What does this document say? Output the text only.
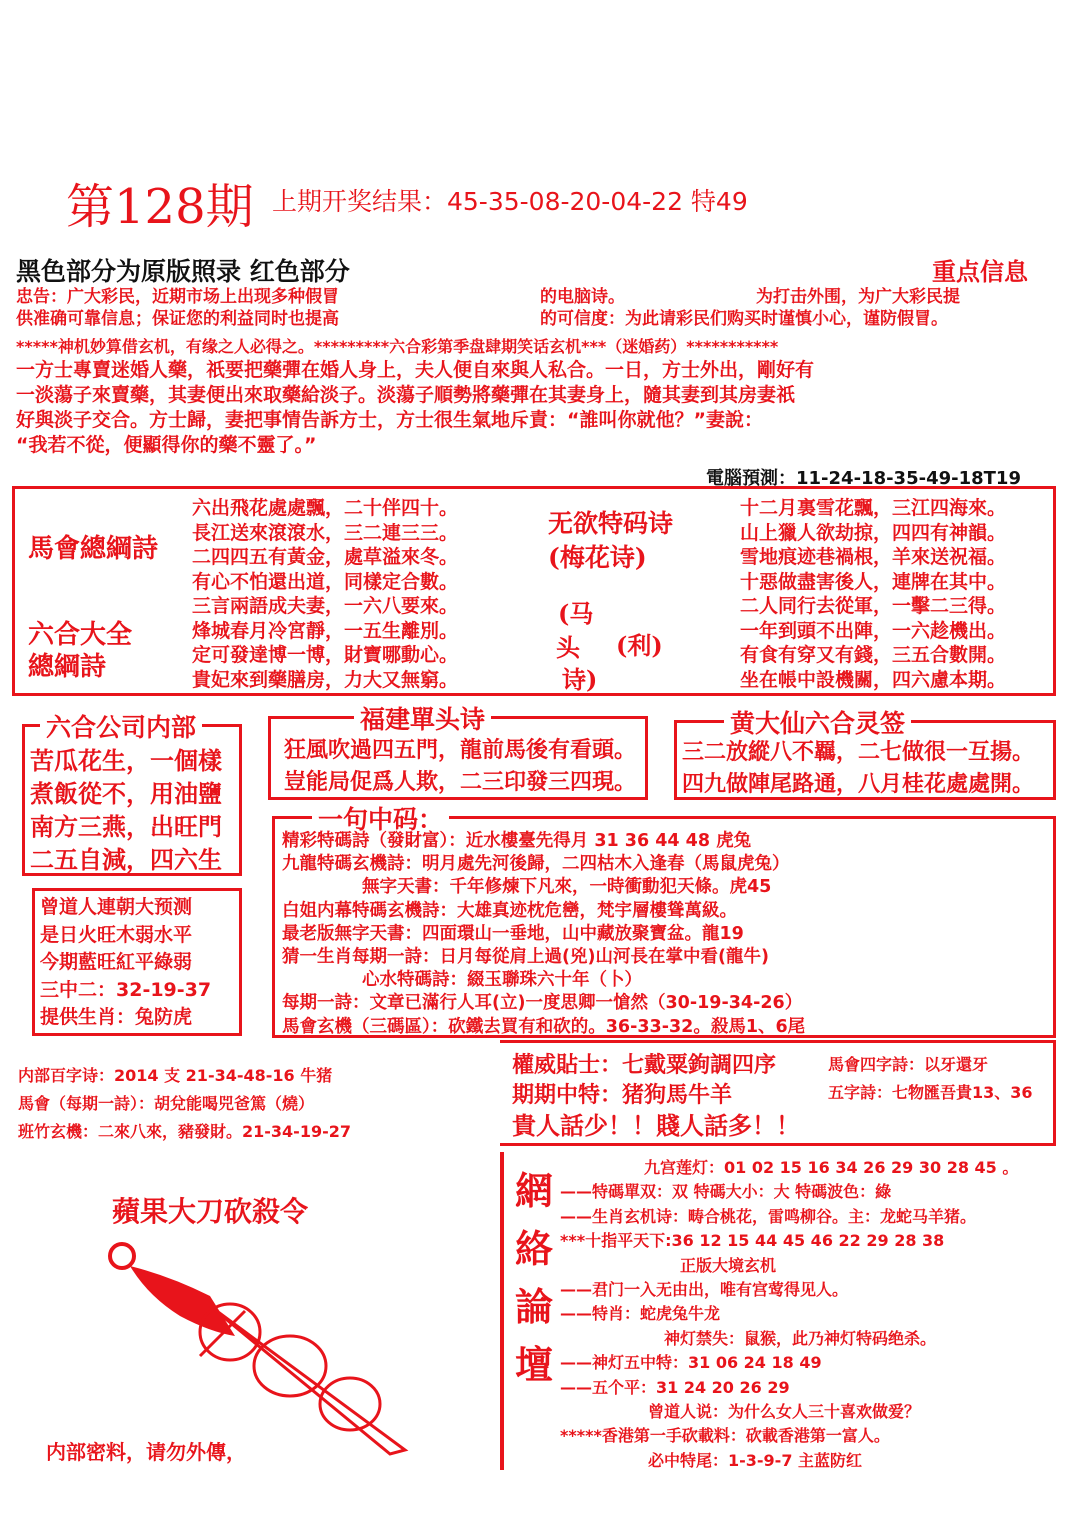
第128期 上期开奖结果：45-35-08-20-04-22 特49
黑色部分为原版照录 红色部分	重点信息
忠告：广大彩民，近期市场上出现多种假冒	的电脑诗。	为打击外围，为广大彩民提
供准确可靠信息；保证您的利益同时也提高	的可信度：为此请彩民们购买时谨慎小心，谨防假冒。
*****神机妙算借玄机，有缘之人必得之。*********六合彩第季盘肆期笑话玄机***（迷婚药）***********
一方士專賣迷婚人藥，祇要把藥彈在婚人身上，夫人便自來與人私合。一日，方士外出，剛好有
一淡蕩子來賣藥，其妻便出來取藥給淡子。淡蕩子順勢將藥彈在其妻身上，隨其妻到其房妻祇
好與淡子交合。方士歸，妻把事情告訴方士，方士很生氣地斥責：“誰叫你就他？”妻說：
“我若不從，便顯得你的藥不靈了。”
電腦預測：11-24-18-35-49-18T19
馬會總綱詩
六合大全
總綱詩
六出飛花處處飄，二十伴四十。
長江送來滾滾水，三二連三三。
二四四五有黃金，處草溢來冬。
有心不怕還出道，同樣定合數。
三言兩語成夫妻，一六八要來。
烽城春月冷宮靜，一五生離別。
定可發達博一博，財寶哪動心。
貴妃來到藥膳房，力大又無窮。
无欲特码诗
(梅花诗)
(马
头
诗)
(利)
十二月裏雪花飄，三江四海來。
山上獵人欲劫掠，四四有神韻。
雪地痕迹巷禍根，羊來送祝福。
十惡做盡害後人，連牌在其中。
二人同行去從軍，一擊二三得。
一年到頭不出陣，一六趁機出。
有食有穿又有錢，三五合數開。
坐在帳中設機關，四六慮本期。
六合公司内部
苦瓜花生，一個樣
煮飯從不，用油鹽
南方三燕，出旺門
二五自減，四六生
福建單头诗
狂風吹過四五門，龍前馬後有看頭。
豈能局促爲人欺，二三印發三四現。
黄大仙六合灵签
三二放縱八不羈，二七做很一互揚。
四九做陣尾路通，八月桂花處處開。
曾道人連朝大预测
是日火旺木弱水平
今期藍旺紅平綠弱
三中二：32-19-37
提供生肖：兔防虎
一句中码：
精彩特碼詩（發財富）：近水樓臺先得月 31 36 44 48 虎兔
九龍特碼玄機詩：明月處先河後歸，二四枯木入逢春（馬鼠虎兔）
無字天書：千年修煉下凡來，一時衝動犯天條。虎45
白姐内幕特碼玄機詩：大雄真迹枕危巒，梵宇層樓聳萬級。
最老版無字天書：四面環山一垂地，山中藏放聚寶盆。龍19
猜一生肖每期一詩：日月每從肩上過(兇)山河長在掌中看(龍牛)
心水特碼詩：綴玉聯珠六十年（卜）
每期一詩：文章已滿行人耳(立)一度思卿一愴然（30-19-34-26）
馬會玄機（三碼區）：砍鐵去買有和砍的。36-33-32。殺馬1、6尾
内部百字诗：2014 支 21-34-48-16 牛猪
馬會（每期一詩）：胡兌能喝兕爸篤（燒）
班竹玄機：二來八來，豬發財。21-34-19-27
權威貼士：七戴粟鉤調四序	馬會四字詩：以牙還牙
期期中特：猪狗馬牛羊	五字詩：七物匯吾貴13、36
貴人話少！！賤人話多！！
蘋果大刀砍殺令
内部密料，请勿外傳，
網
絡
論
壇
九宫莲灯：01 02 15 16 34 26 29 30 28 45 。
——特碼單双：双 特碼大小：大 特碼波色：綠
——生肖玄机诗：畴合桃花，雷鸣柳谷。主：龙蛇马羊猪。
***十指平天下:36 12 15 44 45 46 22 29 28 38
正版大境玄机
——君门一入无由出，唯有宫莺得见人。
——特肖：蛇虎兔牛龙
神灯禁失：鼠猴，此乃神灯特码绝杀。
——神灯五中特：31 06 24 18 49
——五个平：31 24 20 26 29
曾道人说：为什么女人三十喜欢做爱？
*****香港第一手砍載料：砍載香港第一富人。
必中特尾：1-3-9-7 主蓝防红
